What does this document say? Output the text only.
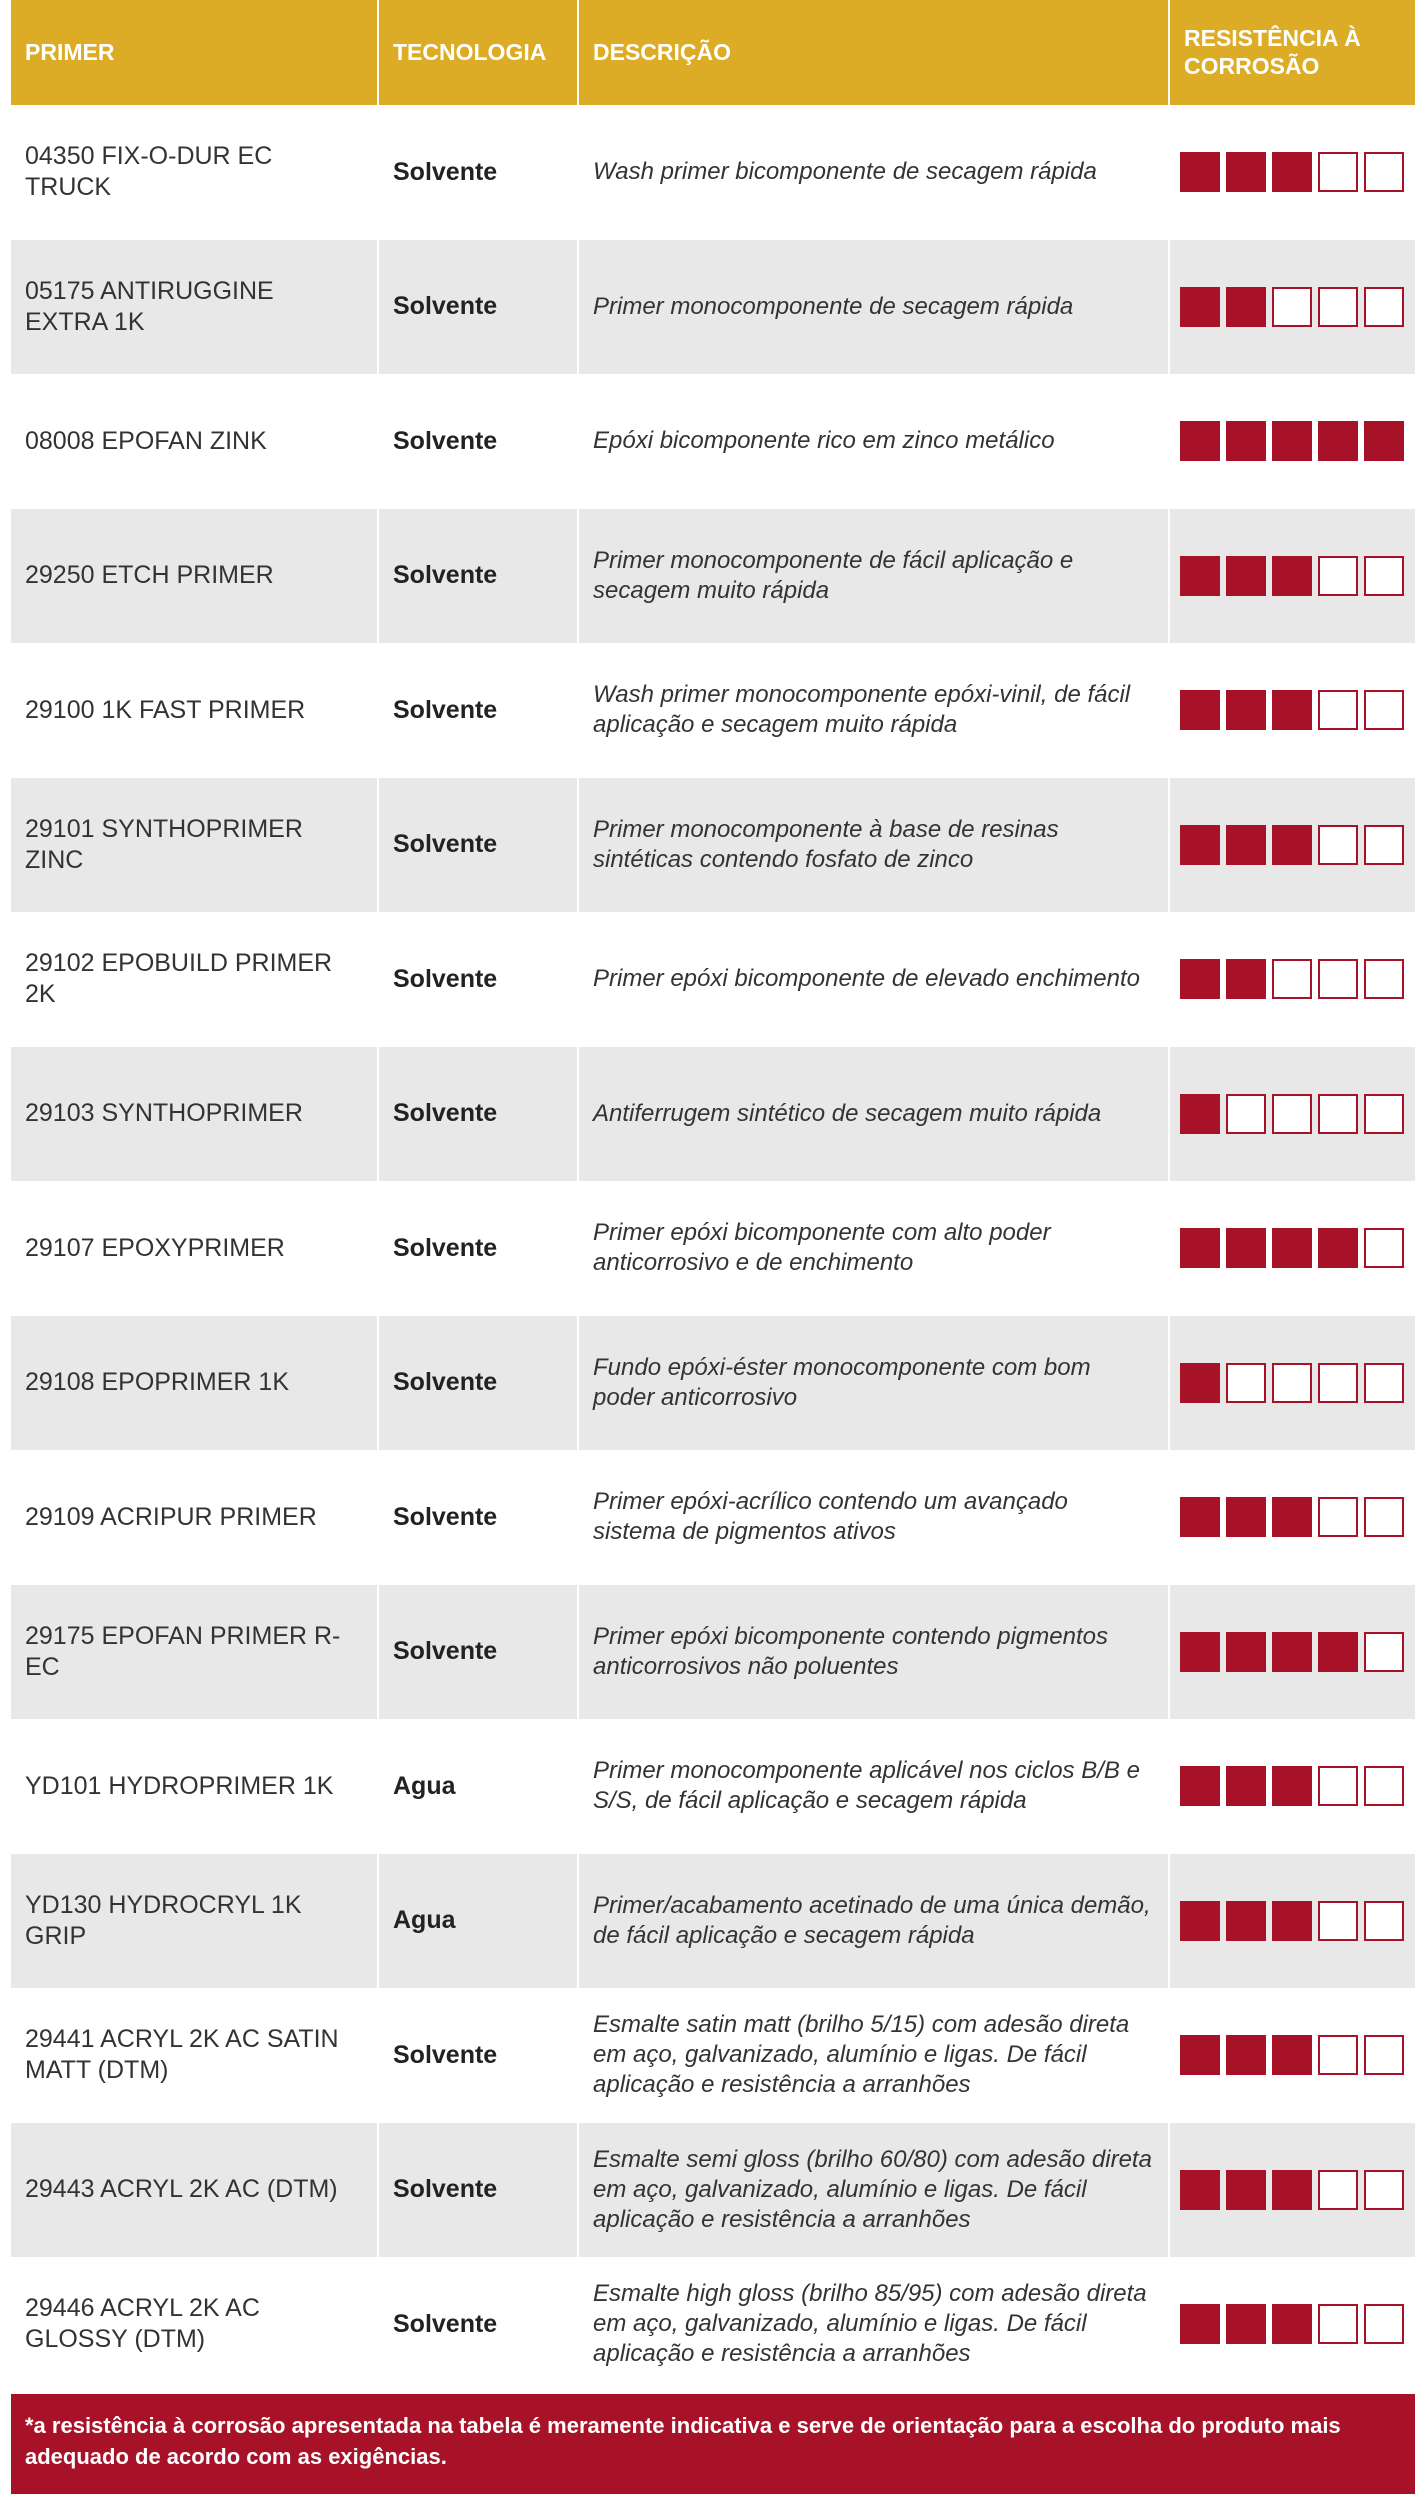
PRIMER	TECNOLOGIA	DESCRIÇÃO	RESISTÊNCIA À CORROSÃO
04350 FIX-O-DUR EC TRUCK	Solvente	Wash primer bicomponente de secagem rápida	

05175 ANTIRUGGINE EXTRA 1K	Solvente	Primer monocomponente de secagem rápida	

08008 EPOFAN ZINK	Solvente	Epóxi bicomponente rico em zinco metálico	

29250 ETCH PRIMER	Solvente	Primer monocomponente de fácil aplicação e secagem muito rápida	

29100 1K FAST PRIMER	Solvente	Wash primer monocomponente epóxi-vinil, de fácil aplicação e secagem muito rápida	

29101 SYNTHOPRIMER ZINC	Solvente	Primer monocomponente à base de resinas sintéticas contendo fosfato de zinco	

29102 EPOBUILD PRIMER 2K	Solvente	Primer epóxi bicomponente de elevado enchimento	

29103 SYNTHOPRIMER	Solvente	Antiferrugem sintético de secagem muito rápida	

29107 EPOXYPRIMER	Solvente	Primer epóxi bicomponente com alto poder anticorrosivo e de enchimento	

29108 EPOPRIMER 1K	Solvente	Fundo epóxi-éster monocomponente com bom poder anticorrosivo	

29109 ACRIPUR PRIMER	Solvente	Primer epóxi-acrílico contendo um avançado sistema de pigmentos ativos	

29175 EPOFAN PRIMER R-EC	Solvente	Primer epóxi bicomponente contendo pigmentos anticorrosivos não poluentes	

YD101 HYDROPRIMER 1K	Agua	Primer monocomponente aplicável nos ciclos B/B e S/S, de fácil aplicação e secagem rápida	

YD130 HYDROCRYL 1K GRIP	Agua	Primer/acabamento acetinado de uma única demão, de fácil aplicação e secagem rápida	

29441 ACRYL 2K AC SATIN MATT (DTM)	Solvente	Esmalte satin matt (brilho 5/15) com adesão direta em aço, galvanizado, alumínio e ligas. De fácil aplicação e resistência a arranhões	

29443 ACRYL 2K AC (DTM)	Solvente	Esmalte semi gloss (brilho 60/80) com adesão direta em aço, galvanizado, alumínio e ligas. De fácil aplicação e resistência a arranhões	

29446 ACRYL 2K AC GLOSSY (DTM)	Solvente	Esmalte high gloss (brilho 85/95) com adesão direta em aço, galvanizado, alumínio e ligas. De fácil aplicação e resistência a arranhões	
*a resistência à corrosão apresentada na tabela é meramente indicativa e serve de orientação para a escolha do produto mais adequado de acordo com as exigências.
